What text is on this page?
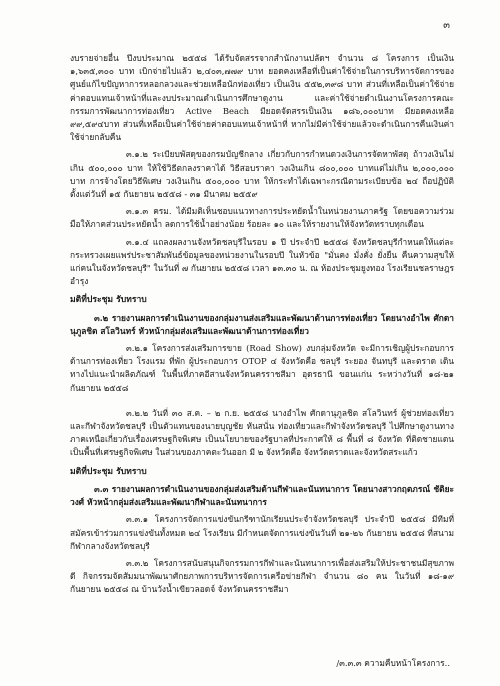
๓

งบรายจ่ายอื่น ปีงบประมาณ ๒๕๕๘ ได้รับจัดสรรจากสำนักงานปลัดฯ จำนวน ๘ โครงการ เป็นเงิน ๑,๖๓๕,๓๐๐ บาท เบิกจ่ายไปแล้ว ๒,๔๐๓,๗๗๙ บาท ยอดคงเหลือที่เป็นค่าใช้จ่ายในการบริหารจัดการของศูนย์แก้ไขปัญหาการหลอกลวงและช่วยเหลือนักท่องเที่ยว เป็นเงิน ๕๕๒,๓๙๘ บาท ส่วนที่เหลือเป็นค่าใช้จ่ายค่าตอบแทนเจ้าหน้าที่และงบประมาณดำเนินการศึกษาดูงาน และค่าใช้จ่ายดำเนินงานโครงการคณะกรรมการพัฒนาการท่องเที่ยว Active Beach มียอดจัดสรรเป็นเงิน ๑๘๖,๐๐๐บาท มียอดคงเหลือ ๙๙,๕๙๔บาท ส่วนที่เหลือเป็นค่าใช้จ่ายค่าตอบแทนเจ้าหน้าที่ หากไม่มีค่าใช้จ่ายแล้วจะดำเนินการคืนเงินค่าใช้จ่ายกลับคืน

๓.๑.๒ ระเบียบพัสดุของกรมบัญชีกลาง เกี่ยวกับการกำหนดวงเงินการจัดหาพัสดุ ถ้าวงเงินไม่เกิน ๕๐๐,๐๐๐ บาท ให้ใช้วิธีตกลงราคาได้ วิธีสอบราคา วงเงินเกิน ๘๐๐,๐๐๐ บาทแต่ไม่เกิน ๒,๐๐๐,๐๐๐ บาท การจ้างโดยวิธีพิเศษ วงเงินเกิน ๕๐๐,๐๐๐ บาท ให้กระทำได้เฉพาะกรณีตามระเบียบข้อ ๒๔ ถือปฏิบัติ ตั้งแต่วันที่ ๑๕ กันยายน ๒๕๕๘ - ๓๑ มีนาคม ๒๕๕๙

๓.๑.๓ ครม. ได้มีมติเห็นชอบแนวทางการประหยัดน้ำในหน่วยงานภาครัฐ โดยขอความร่วมมือให้ภาคส่วนประหยัดน้ำ ลดการใช้น้ำอย่างน้อย ร้อยละ ๑๐ และให้รายงานให้จังหวัดทราบทุกเดือน

๓.๑.๔ แถลงผลงานจังหวัดชลบุรีในรอบ ๑ ปี ประจำปี ๒๕๕๘ จังหวัดชลบุรีกำหนดให้แต่ละกระทรวงเผยแพร่ประชาสัมพันธ์ข้อมูลของหน่วยงานในรอบปี ในหัวข้อ "มั่นคง มั่งคั่ง ยั่งยืน คืนความสุขให้แก่คนในจังหวัดชลบุรี" ในวันที่ ๗ กันยายน ๒๕๕๘ เวลา ๑๓.๓๐ น. ณ ห้องประชุมยูงทอง โรงเรียนชลราษฎรอำรุง

มติที่ประชุม รับทราบ

๓.๒ รายงานผลการดำเนินงานของกลุ่มงานส่งเสริมและพัฒนาด้านการท่องเที่ยว โดยนางอำไพ ศักดานุภูลชิต สโลวินทร์ หัวหน้ากลุ่มส่งเสริมและพัฒนาด้านการท่องเที่ยว

๓.๒.๑ โครงการส่งเสริมการขาย (Road Show) งบกลุ่มจังหวัด จะมีการเชิญผู้ประกอบการด้านการท่องเที่ยว โรงแรม ที่พัก ผู้ประกอบการ OTOP ๔ จังหวัดคือ ชลบุรี ระยอง จันทบุรี และตราด เดินทางไปแนะนำผลิตภัณฑ์ ในพื้นที่ภาคอีสานจังหวัดนครราชสีมา อุดรธานี ขอนแก่น ระหว่างวันที่ ๑๘-๒๑ กันยายน ๒๕๕๘

๓.๒.๒ วันที่ ๓๐ ส.ค. – ๒ ก.ย. ๒๕๕๘ นางอำไพ ศักดานุภูลชิต สโลวินทร์ ผู้ช่วยท่องเที่ยวและกีฬาจังหวัดชลบุรี เป็นตัวแทนของนายบุญชัย หันสนั่น ท่องเที่ยวและกีฬาจังหวัดชลบุรี ไปศึกษาดูงานทางภาคเหนือเกี่ยวกับเรื่องเศรษฐกิจพิเศษ เป็นนโยบายของรัฐบาลที่ประกาศให้ ๘ พื้นที่ ๘ จังหวัด ที่ติดชายแดนเป็นพื้นที่เศรษฐกิจพิเศษ ในส่วนของภาคตะวันออก มี ๒ จังหวัดคือ จังหวัดตราดและจังหวัดสระแก้ว

มติที่ประชุม รับทราบ

๓.๓ รายงานผลการดำเนินงานของกลุ่มส่งเสริมด้านกีฬาและนันทนาการ โดยนางสาวกฤตภรณ์ ชัติยะวงศ์ หัวหน้ากลุ่มส่งเสริมและพัฒนากีฬาและนันทนาการ

๓.๓.๑ โครงการจัดการแข่งขันกรีฑานักเรียนประจำจังหวัดชลบุรี ประจำปี ๒๕๕๘ มีทีมที่สมัครเข้าร่วมการแข่งขันทั้งหมด ๒๔ โรงเรียน มีกำหนดจัดการแข่งขันวันที่ ๒๑-๒๖ กันยายน ๒๕๕๘ ที่สนามกีฬากลางจังหวัดชลบุรี

๓.๓.๒ โครงการสนับสนุนกิจกรรมการกีฬาและนันทนาการเพื่อส่งเสริมให้ประชาชนมีสุขภาพดี กิจกรรมจัดสัมมนาพัฒนาศักยภาพการบริหารจัดการเครือข่ายกีฬา จำนวน ๘๐ คน ในวันที่ ๑๘-๑๙ กันยายน ๒๕๕๘ ณ บ้านวังน้ำเขียวลอดจ์ จังหวัดนครราชสีมา

/๓.๓.๓ ความคืบหน้าโครงการ..
